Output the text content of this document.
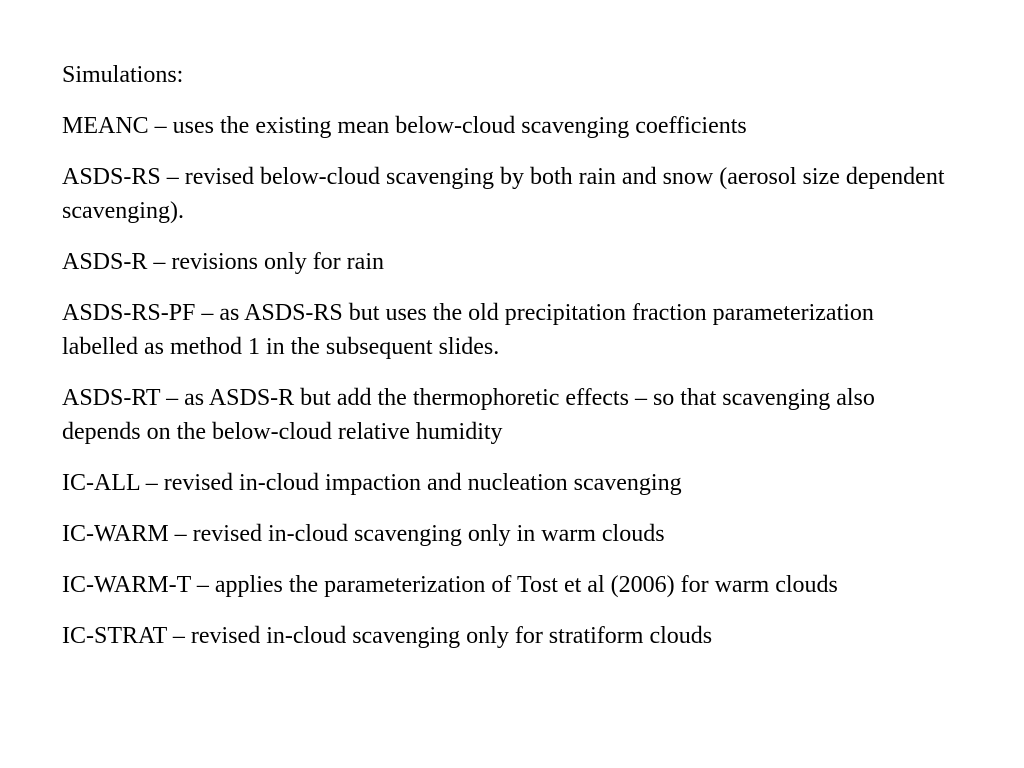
Simulations:

MEANC – uses the existing mean below-cloud scavenging coefficients

ASDS-RS – revised below-cloud scavenging by both rain and snow (aerosol size dependent scavenging).

ASDS-R – revisions only for rain

ASDS-RS-PF – as ASDS-RS but uses the old precipitation fraction parameterization labelled as method 1 in the subsequent slides.

ASDS-RT – as ASDS-R but add the thermophoretic effects – so that scavenging also depends on the below-cloud relative humidity

IC-ALL – revised in-cloud impaction and nucleation scavenging

IC-WARM – revised in-cloud scavenging only in warm clouds

IC-WARM-T – applies the parameterization of Tost et al (2006) for warm clouds

IC-STRAT – revised in-cloud scavenging only for stratiform clouds
